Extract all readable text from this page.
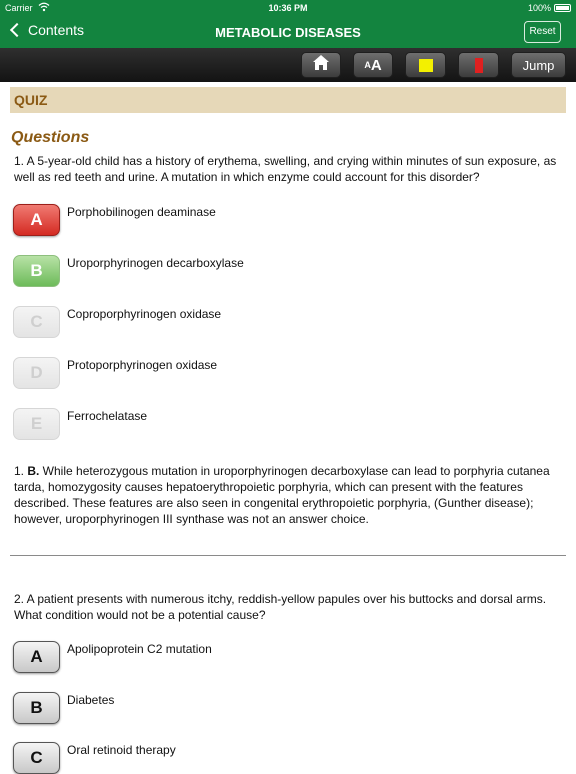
Carrier	10:36 PM	100%
Contents	METABOLIC DISEASES	Reset
A A	Jump
QUIZ
Questions
1. A 5-year-old child has a history of erythema, swelling, and crying within minutes of sun exposure, as well as red teeth and urine. A mutation in which enzyme could account for this disorder?
A	Porphobilinogen deaminase
B	Uroporphyrinogen decarboxylase
C	Coproporphyrinogen oxidase
D	Protoporphyrinogen oxidase
E	Ferrochelatase
1. B. While heterozygous mutation in uroporphyrinogen decarboxylase can lead to porphyria cutanea tarda, homozygosity causes hepatoerythropoietic porphyria, which can present with the features described. These features are also seen in congenital erythropoietic porphyria, (Gunther disease); however, uroporphyrinogen III synthase was not an answer choice.
2. A patient presents with numerous itchy, reddish-yellow papules over his buttocks and dorsal arms. What condition would not be a potential cause?
A	Apolipoprotein C2 mutation
B	Diabetes
C	Oral retinoid therapy
